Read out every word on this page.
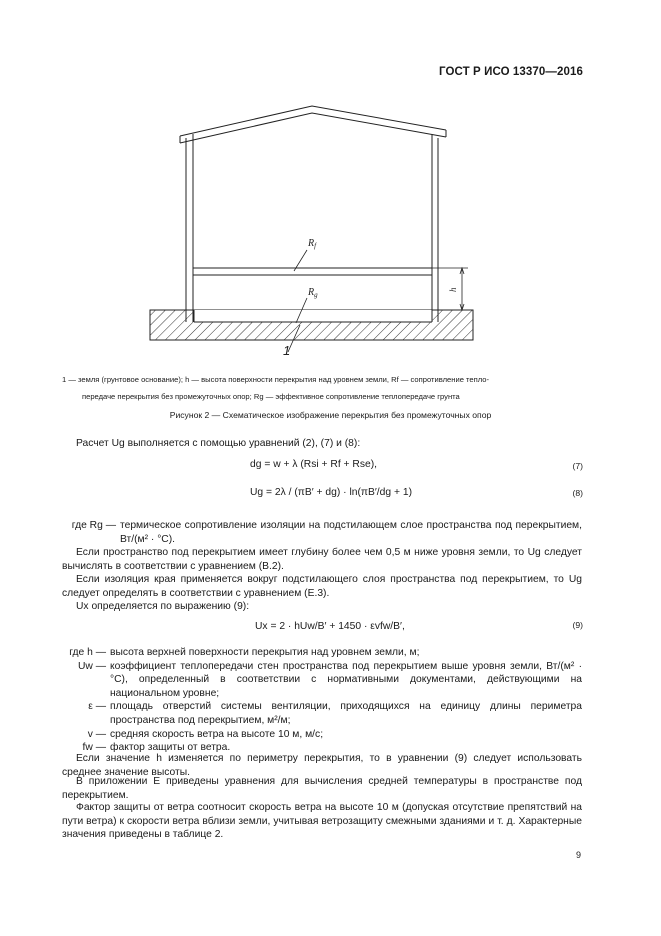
ГОСТ Р ИСО 13370—2016
$R_f$
$R_g$
h
1
1 — земля (грунтовое основание); h — высота поверхности перекрытия над уровнем земли, Rf — сопротивление тепло-
передаче перекрытия без промежуточных опор; Rg — эффективное сопротивление теплопередаче грунта
Рисунок 2 — Схематическое изображение перекрытия без промежуточных опор
Расчет Ug выполняется с помощью уравнений (2), (7) и (8):
dg = w + λ (Rsi + Rf + Rse),	(7)
Ug = 2λ / (πB′ + dg) · ln(πB′/dg + 1)	(8)
где Rg — термическое сопротивление изоляции на подстилающем слое пространства под перекрытием, Вт/(м² · °С).
Если пространство под перекрытием имеет глубину более чем 0,5 м ниже уровня земли, то Ug следует вычислять в соответствии с уравнением (В.2).
Если изоляция края применяется вокруг подстилающего слоя пространства под перекрытием, то Ug следует определять в соответствии с уравнением (Е.3).
Ux определяется по выражению (9):
Ux = 2 · hUw/B′ + 1450 · εvfw/B′,	(9)
где h — высота верхней поверхности перекрытия над уровнем земли, м;
Uw — коэффициент теплопередачи стен пространства под перекрытием выше уровня земли, Вт/(м² · °С), определенный в соответствии с нормативными документами, действующими на национальном уровне;
ε — площадь отверстий системы вентиляции, приходящихся на единицу длины периметра пространства под перекрытием, м²/м;
v — средняя скорость ветра на высоте 10 м, м/с;
fw — фактор защиты от ветра.
Если значение h изменяется по периметру перекрытия, то в уравнении (9) следует использовать среднее значение высоты.
В приложении Е приведены уравнения для вычисления средней температуры в пространстве под перекрытием.
Фактор защиты от ветра соотносит скорость ветра на высоте 10 м (допуская отсутствие препятствий на пути ветра) к скорости ветра вблизи земли, учитывая ветрозащиту смежными зданиями и т. д. Характерные значения приведены в таблице 2.
9
